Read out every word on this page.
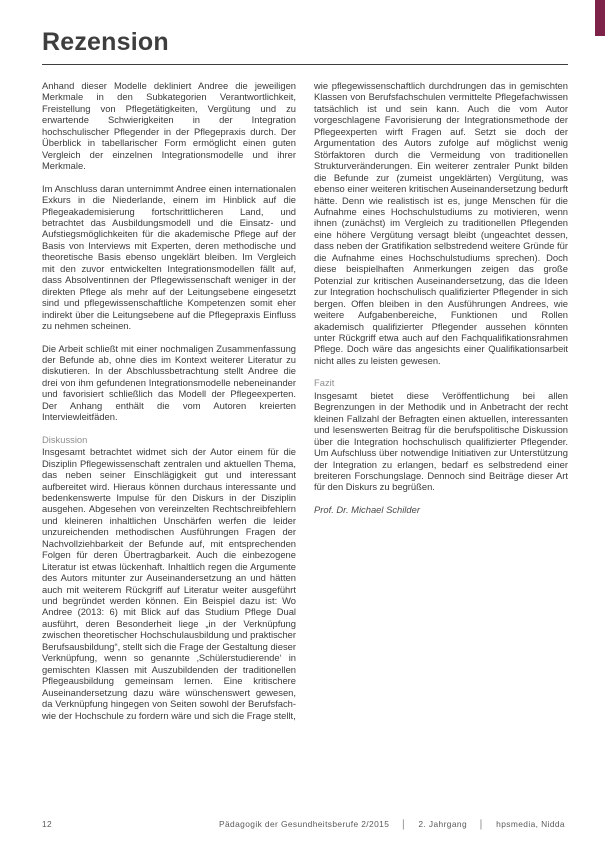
Rezension

Anhand dieser Modelle dekliniert Andree die jeweiligen Merkmale in den Subkategorien Verantwortlichkeit, Freistellung von Pflegetätigkeiten, Vergütung und zu erwartende Schwierigkeiten in der Integration hochschulischer Pflegender in der Pflegepraxis durch. Der Überblick in tabellarischer Form ermöglicht einen guten Vergleich der einzelnen Integrationsmodelle und ihrer Merkmale.

Im Anschluss daran unternimmt Andree einen internationalen Exkurs in die Niederlande, einem im Hinblick auf die Pflegeakademisierung fortschrittlicheren Land, und betrachtet das Ausbildungsmodell und die Einsatz- und Aufstiegsmöglichkeiten für die akademische Pflege auf der Basis von Interviews mit Experten, deren methodische und theoretische Basis ebenso ungeklärt bleiben. Im Vergleich mit den zuvor entwickelten Integrationsmodellen fällt auf, dass Absolventinnen der Pflegewissenschaft weniger in der direkten Pflege als mehr auf der Leitungsebene eingesetzt sind und pflegewissenschaftliche Kompetenzen somit eher indirekt über die Leitungsebene auf die Pflegepraxis Einfluss zu nehmen scheinen.

Die Arbeit schließt mit einer nochmaligen Zusammenfassung der Befunde ab, ohne dies im Kontext weiterer Literatur zu diskutieren. In der Abschlussbetrachtung stellt Andree die drei von ihm gefundenen Integrationsmodelle nebeneinander und favorisiert schließlich das Modell der Pflegeexperten. Der Anhang enthält die vom Autoren kreierten Interviewleitfäden.

Diskussion

Insgesamt betrachtet widmet sich der Autor einem für die Disziplin Pflegewissenschaft zentralen und aktuellen Thema, das neben seiner Einschlägigkeit gut und interessant aufbereitet wird. Hieraus können durchaus interessante und bedenkenswerte Impulse für den Diskurs in der Disziplin ausgehen. Abgesehen von vereinzelten Rechtschreibfehlern und kleineren inhaltlichen Unschärfen werfen die leider unzureichenden methodischen Ausführungen Fragen der Nachvollziehbarkeit der Befunde auf, mit entsprechenden Folgen für deren Übertragbarkeit. Auch die einbezogene Literatur ist etwas lückenhaft. Inhaltlich regen die Argumente des Autors mitunter zur Auseinandersetzung an und hätten auch mit weiterem Rückgriff auf Literatur weiter ausgeführt und begründet werden können. Ein Beispiel dazu ist: Wo Andree (2013: 6) mit Blick auf das Studium Pflege Dual ausführt, deren Besonderheit liege „in der Verknüpfung zwischen theoretischer Hochschulausbildung und praktischer Berufsausbildung“, stellt sich die Frage der Gestaltung dieser Verknüpfung, wenn so genannte ‚Schülerstudierende‘ in gemischten Klassen mit Auszubildenden der traditionellen Pflegeausbildung gemeinsam lernen. Eine kritischere Auseinandersetzung dazu wäre wünschenswert gewesen, da Verknüpfung hingegen von Seiten sowohl der Berufsfach- wie der Hochschule zu fordern wäre und sich die Frage stellt,

wie pflegewissenschaftlich durchdrungen das in gemischten Klassen von Berufsfachschulen vermittelte Pflegefachwissen tatsächlich ist und sein kann. Auch die vom Autor vorgeschlagene Favorisierung der Integrationsmethode der Pflegeexperten wirft Fragen auf. Setzt sie doch der Argumentation des Autors zufolge auf möglichst wenig Störfaktoren durch die Vermeidung von traditionellen Strukturveränderungen. Ein weiterer zentraler Punkt bilden die Befunde zur (zumeist ungeklärten) Vergütung, was ebenso einer weiteren kritischen Auseinandersetzung bedurft hätte. Denn wie realistisch ist es, junge Menschen für die Aufnahme eines Hochschulstudiums zu motivieren, wenn ihnen (zunächst) im Vergleich zu traditionellen Pflegenden eine höhere Vergütung versagt bleibt (ungeachtet dessen, dass neben der Gratifikation selbstredend weitere Gründe für die Aufnahme eines Hochschulstudiums sprechen). Doch diese beispielhaften Anmerkungen zeigen das große Potenzial zur kritischen Auseinandersetzung, das die Ideen zur Integration hochschulisch qualifizierter Pflegender in sich bergen. Offen bleiben in den Ausführungen Andrees, wie weitere Aufgabenbereiche, Funktionen und Rollen akademisch qualifizierter Pflegender aussehen könnten unter Rückgriff etwa auch auf den Fachqualifikationsrahmen Pflege. Doch wäre das angesichts einer Qualifikationsarbeit nicht alles zu leisten gewesen.

Fazit

Insgesamt bietet diese Veröffentlichung bei allen Begrenzungen in der Methodik und in Anbetracht der recht kleinen Fallzahl der Befragten einen aktuellen, interessanten und lesenswerten Beitrag für die berufspolitische Diskussion über die Integration hochschulisch qualifizierter Pflegender. Um Aufschluss über notwendige Initiativen zur Unterstützung der Integration zu erlangen, bedarf es selbstredend einer breiteren Forschungslage. Dennoch sind Beiträge dieser Art für den Diskurs zu begrüßen.

Prof. Dr. Michael Schilder
12	Pädagogik der Gesundheitsberufe 2/2015 │ 2. Jahrgang │ hpsmedia, Nidda
